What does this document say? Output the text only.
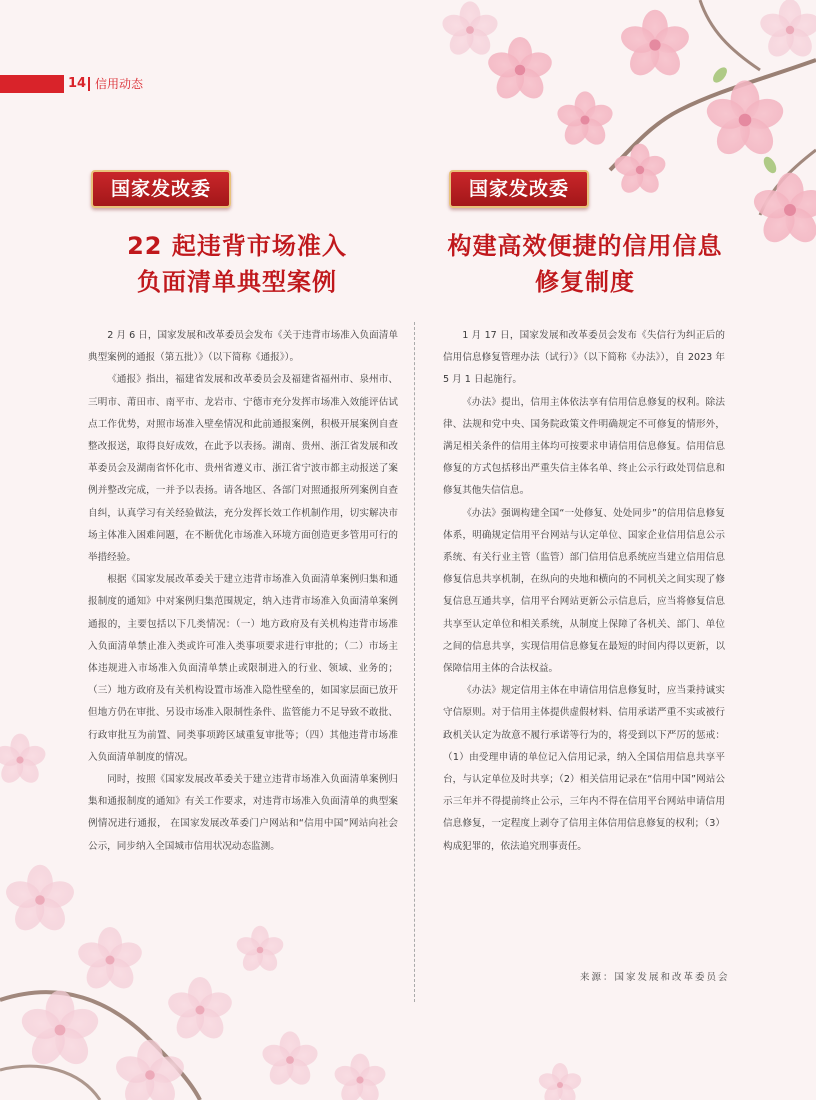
14 信用动态
国家发改委
22 起违背市场准入
负面清单典型案例

2 月 6 日，国家发展和改革委员会发布《关于违背市场准入负面清单典型案例的通报（第五批）》（以下简称《通报》）。

《通报》指出，福建省发展和改革委员会及福建省福州市、泉州市、三明市、莆田市、南平市、龙岩市、宁德市充分发挥市场准入效能评估试点工作优势，对照市场准入壁垒情况和此前通报案例，积极开展案例自查整改报送，取得良好成效，在此予以表扬。湖南、贵州、浙江省发展和改革委员会及湖南省怀化市、贵州省遵义市、浙江省宁波市都主动报送了案例并整改完成，一并予以表扬。请各地区、各部门对照通报所列案例自查自纠，认真学习有关经验做法，充分发挥长效工作机制作用，切实解决市场主体准入困难问题，在不断优化市场准入环境方面创造更多管用可行的举措经验。

根据《国家发展改革委关于建立违背市场准入负面清单案例归集和通报制度的通知》中对案例归集范围规定，纳入违背市场准入负面清单案例通报的，主要包括以下几类情况：（一）地方政府及有关机构违背市场准入负面清单禁止准入类或许可准入类事项要求进行审批的；（二）市场主体违规进入市场准入负面清单禁止或限制进入的行业、领域、业务的；（三）地方政府及有关机构设置市场准入隐性壁垒的，如国家层面已放开但地方仍在审批、另设市场准入限制性条件、监管能力不足导致不敢批、行政审批互为前置、同类事项跨区域重复审批等；（四）其他违背市场准入负面清单制度的情况。

同时，按照《国家发展改革委关于建立违背市场准入负面清单案例归集和通报制度的通知》有关工作要求，对违背市场准入负面清单的典型案例情况进行通报， 在国家发展改革委门户网站和“信用中国”网站向社会公示，同步纳入全国城市信用状况动态监测。

国家发改委
构建高效便捷的信用信息
修复制度

1 月 17 日，国家发展和改革委员会发布《失信行为纠正后的信用信息修复管理办法（试行）》（以下简称《办法》），自 2023 年 5 月 1 日起施行。

《办法》提出，信用主体依法享有信用信息修复的权利。除法律、法规和党中央、国务院政策文件明确规定不可修复的情形外，满足相关条件的信用主体均可按要求申请信用信息修复。信用信息修复的方式包括移出严重失信主体名单、终止公示行政处罚信息和修复其他失信信息。

《办法》强调构建全国“一处修复、处处同步”的信用信息修复体系，明确规定信用平台网站与认定单位、国家企业信用信息公示系统、有关行业主管（监管）部门信用信息系统应当建立信用信息修复信息共享机制，在纵向的央地和横向的不同机关之间实现了修复信息互通共享，信用平台网站更新公示信息后，应当将修复信息共享至认定单位和相关系统，从制度上保障了各机关、部门、单位之间的信息共享，实现信用信息修复在最短的时间内得以更新，以保障信用主体的合法权益。

《办法》规定信用主体在申请信用信息修复时，应当秉持诚实守信原则。对于信用主体提供虚假材料、信用承诺严重不实或被行政机关认定为故意不履行承诺等行为的，将受到以下严厉的惩戒：（1）由受理申请的单位记入信用记录，纳入全国信用信息共享平台，与认定单位及时共享；（2）相关信用记录在“信用中国”网站公示三年并不得提前终止公示，三年内不得在信用平台网站申请信用信息修复，一定程度上剥夺了信用主体信用信息修复的权利；（3）构成犯罪的，依法追究刑事责任。

来源：国家发展和改革委员会
